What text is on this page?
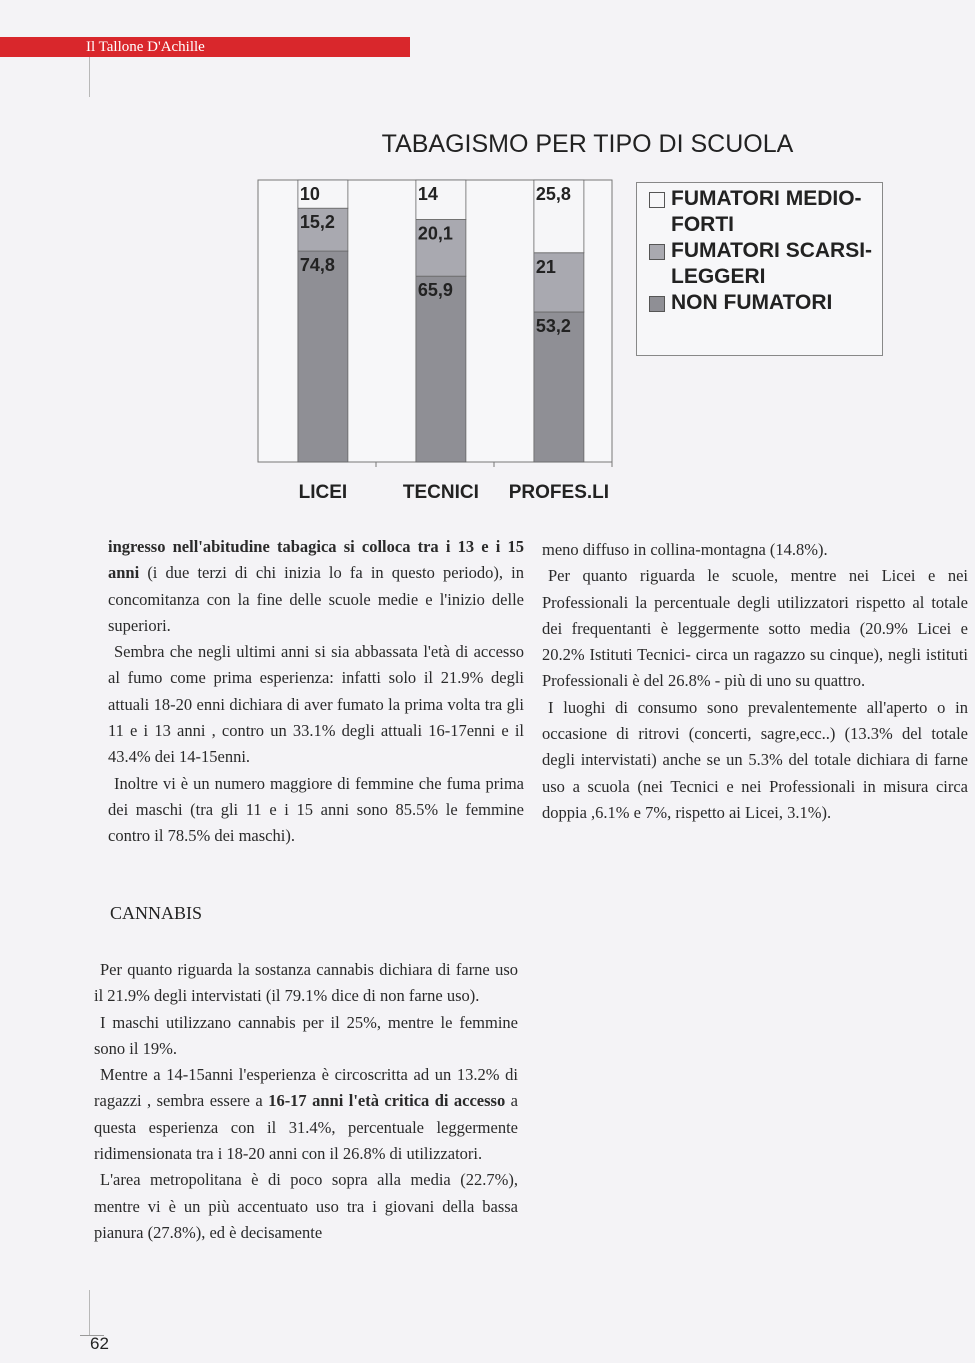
Il Tallone D'Achille
TABAGISMO PER TIPO DI SCUOLA
74,8
15,2
10
LICEI
65,9
20,1
14
TECNICI
53,2
21
25,8
PROFES.LI
FUMATORI MEDIO-FORTI
FUMATORI SCARSI-LEGGERI
NON FUMATORI

ingresso nell'abitudine tabagica si colloca tra i 13 e i 15 anni (i due terzi di chi inizia lo fa in questo periodo), in concomitanza con la fine delle scuole medie e l'inizio delle superiori.

Sembra che negli ultimi anni si sia abbassata l'età di accesso al fumo come prima esperienza: infatti solo il 21.9% degli attuali 18-20 enni dichiara di aver fumato la prima volta tra gli 11 e i 13 anni , contro un 33.1% degli attuali 16-17enni e il 43.4% dei 14-15enni.

Inoltre vi è un numero maggiore di femmine che fuma prima dei maschi (tra gli 11 e i 15 anni sono 85.5% le femmine contro il 78.5% dei maschi).

CANNABIS

Per quanto riguarda la sostanza cannabis dichiara di farne uso il 21.9% degli intervistati (il 79.1% dice di non farne uso).

I maschi utilizzano cannabis per il 25%, mentre le femmine sono il 19%.

Mentre a 14-15anni l'esperienza è circoscritta ad un 13.2% di ragazzi , sembra essere a 16-17 anni l'età critica di accesso a questa esperienza con il 31.4%, percentuale leggermente ridimensionata tra i 18-20 anni con il 26.8% di utilizzatori.

L'area metropolitana è di poco sopra alla media (22.7%), mentre vi è un più accentuato uso tra i giovani della bassa pianura (27.8%), ed è decisamente

meno diffuso in collina-montagna (14.8%).

Per quanto riguarda le scuole, mentre nei Licei e nei Professionali la percentuale degli utilizzatori rispetto al totale dei frequentanti è leggermente sotto media (20.9% Licei e 20.2% Istituti Tecnici- circa un ragazzo su cinque), negli istituti Professionali è del 26.8% - più di uno su quattro.

I luoghi di consumo sono prevalentemente all'aperto o in occasione di ritrovi (concerti, sagre,ecc..) (13.3% del totale degli intervistati) anche se un 5.3% del totale dichiara di farne uso a scuola (nei Tecnici e nei Professionali in misura circa doppia ,6.1% e 7%, rispetto ai Licei, 3.1%).

62
